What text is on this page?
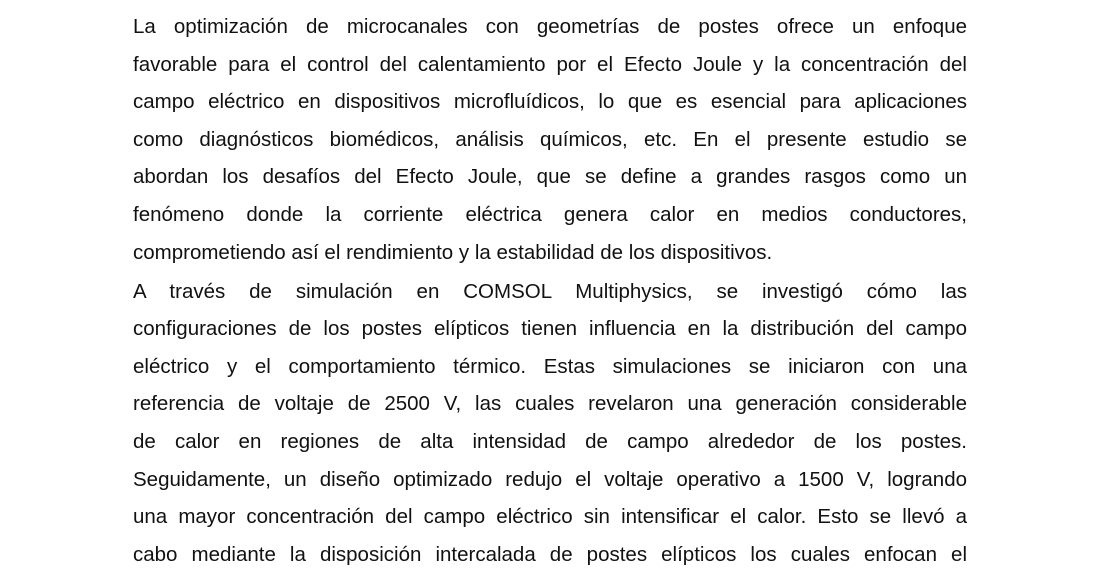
La optimización de microcanales con geometrías de postes ofrece un enfoque
favorable para el control del calentamiento por el Efecto Joule y la concentración del
campo eléctrico en dispositivos microfluídicos, lo que es esencial para aplicaciones
como diagnósticos biomédicos, análisis químicos, etc. En el presente estudio se
abordan los desafíos del Efecto Joule, que se define a grandes rasgos como un
fenómeno donde la corriente eléctrica genera calor en medios conductores,
comprometiendo así el rendimiento y la estabilidad de los dispositivos.

A través de simulación en COMSOL Multiphysics, se investigó cómo las
configuraciones de los postes elípticos tienen influencia en la distribución del campo
eléctrico y el comportamiento térmico. Estas simulaciones se iniciaron con una
referencia de voltaje de 2500 V, las cuales revelaron una generación considerable
de calor en regiones de alta intensidad de campo alrededor de los postes.
Seguidamente, un diseño optimizado redujo el voltaje operativo a 1500 V, logrando
una mayor concentración del campo eléctrico sin intensificar el calor. Esto se llevó a
cabo mediante la disposición intercalada de postes elípticos los cuales enfocan el
